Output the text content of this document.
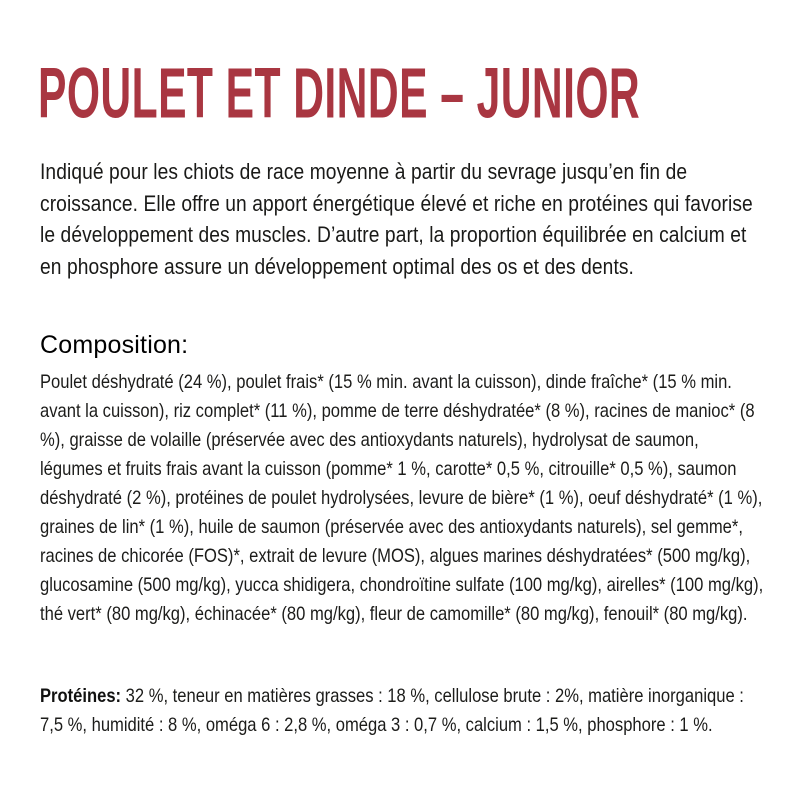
POULET ET DINDE – JUNIOR

Indiqué pour les chiots de race moyenne à partir du sevrage jusqu’en fin de croissance. Elle offre un apport énergétique élevé et riche en protéines qui favorise le développement des muscles. D’autre part, la proportion équilibrée en calcium et en phosphore assure un développement optimal des os et des dents.

Composition:

Poulet déshydraté (24 %), poulet frais* (15 % min. avant la cuisson), dinde fraîche* (15 % min. avant la cuisson), riz complet* (11 %), pomme de terre déshydratée* (8 %), racines de manioc* (8 %), graisse de volaille (préservée avec des antioxydants naturels), hydrolysat de saumon, légumes et fruits frais avant la cuisson (pomme* 1 %, carotte* 0,5 %, citrouille* 0,5 %), saumon déshydraté (2 %), protéines de poulet hydrolysées, levure de bière* (1 %), oeuf déshydraté* (1 %), graines de lin* (1 %), huile de saumon (préservée avec des antioxydants naturels), sel gemme*, racines de chicorée (FOS)*, extrait de levure (MOS), algues marines déshydratées* (500 mg/kg), glucosamine (500 mg/kg), yucca shidigera, chondroïtine sulfate (100 mg/kg), airelles* (100 mg/kg), thé vert* (80 mg/kg), échinacée* (80 mg/kg), fleur de camomille* (80 mg/kg), fenouil* (80 mg/kg).

Protéines: 32 %, teneur en matières grasses : 18 %, cellulose brute : 2%, matière inorganique : 7,5 %, humidité : 8 %, oméga 6 : 2,8 %, oméga 3 : 0,7 %, calcium : 1,5 %, phosphore : 1 %.
